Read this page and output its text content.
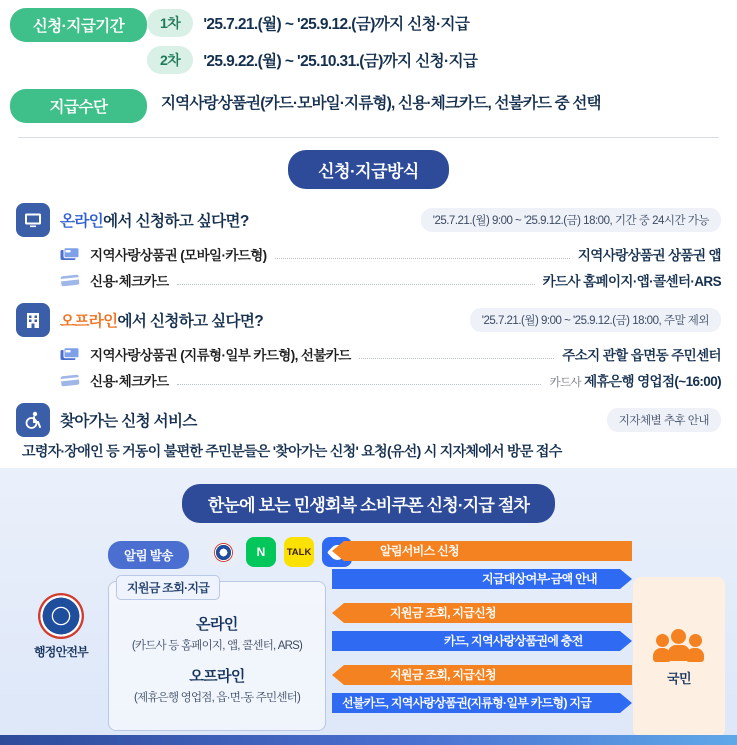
신청·지급기간	1차	'25.7.21.(월) ~ '25.9.12.(금)까지 신청·지급
2차	'25.9.22.(월) ~ '25.10.31.(금)까지 신청·지급
지급수단	지역사랑상품권(카드·모바일·지류형), 신용·체크카드, 선불카드 중 선택
신청·지급방식
온라인에서 신청하고 싶다면?	'25.7.21.(월) 9:00 ~ '25.9.12.(금) 18:00, 기간 중 24시간 가능
지역사랑상품권 (모바일·카드형)	지역사랑상품권 상품권 앱
신용·체크카드	카드사 홈페이지·앱·콜센터·ARS
오프라인에서 신청하고 싶다면?	'25.7.21.(월) 9:00 ~ '25.9.12.(금) 18:00, 주말 제외
지역사랑상품권 (지류형·일부 카드형), 선불카드	주소지 관할 읍면동 주민센터
신용·체크카드	카드사 제휴은행 영업점(~16:00)
찾아가는 신청 서비스	지자체별 추후 안내
고령자·장애인 등 거동이 불편한 주민분들은 '찾아가는 신청' 요청(유선) 시 지자체에서 방문 접수
한눈에 보는 민생회복 소비쿠폰 신청·지급 절차
행정안전부
알림 발송	N	TALK
지원금 조회·지급
온라인
(카드사 등 홈페이지, 앱, 콜센터, ARS)
오프라인
(제휴은행 영업점, 읍·면·동 주민센터)
알림서비스 신청
지급대상여부·금액 안내
지원금 조회, 지급신청
카드, 지역사랑상품권에 충전
지원금 조회, 지급신청
선불카드, 지역사랑상품권(지류형·일부 카드형) 지급
국민
